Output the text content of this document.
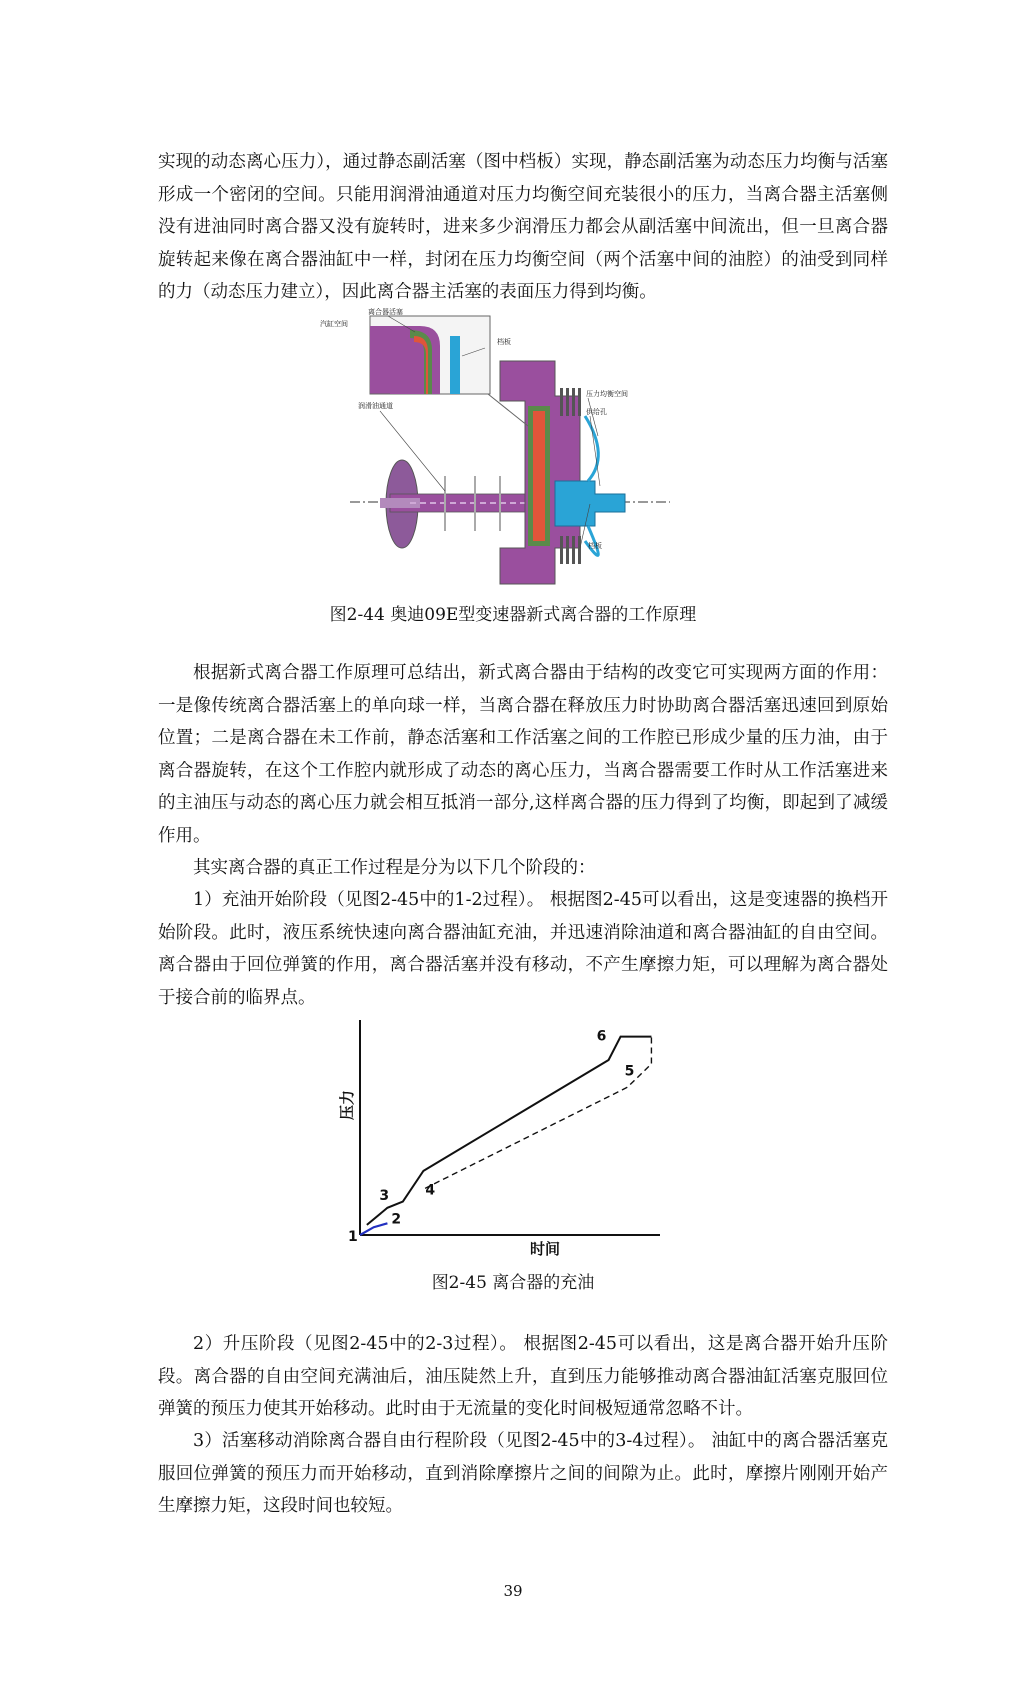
实现的动态离心压力），通过静态副活塞（图中档板）实现，静态副活塞为动态压力均衡与活塞形成一个密闭的空间。只能用润滑油通道对压力均衡空间充装很小的压力，当离合器主活塞侧没有进油同时离合器又没有旋转时，进来多少润滑压力都会从副活塞中间流出，但一旦离合器旋转起来像在离合器油缸中一样，封闭在压力均衡空间（两个活塞中间的油腔）的油受到同样的力（动态压力建立），因此离合器主活塞的表面压力得到均衡。

离合器活塞
汽缸空间
档板
压力均衡空间
供给孔
润滑油通道
档板
图2-44 奥迪09E型变速器新式离合器的工作原理

根据新式离合器工作原理可总结出，新式离合器由于结构的改变它可实现两方面的作用：一是像传统离合器活塞上的单向球一样，当离合器在释放压力时协助离合器活塞迅速回到原始位置；二是离合器在未工作前，静态活塞和工作活塞之间的工作腔已形成少量的压力油，由于离合器旋转，在这个工作腔内就形成了动态的离心压力，当离合器需要工作时从工作活塞进来的主油压与动态的离心压力就会相互抵消一部分,这样离合器的压力得到了均衡，即起到了减缓作用。

其实离合器的真正工作过程是分为以下几个阶段的：

1）充油开始阶段（见图2-45中的1-2过程）。 根据图2-45可以看出，这是变速器的换档开始阶段。此时，液压系统快速向离合器油缸充油，并迅速消除油道和离合器油缸的自由空间。离合器由于回位弹簧的作用，离合器活塞并没有移动，不产生摩擦力矩，可以理解为离合器处于接合前的临界点。

1
2
3	4
5
6
时间
压力
图2-45 离合器的充油

2）升压阶段（见图2-45中的2-3过程）。 根据图2-45可以看出，这是离合器开始升压阶段。离合器的自由空间充满油后，油压陡然上升，直到压力能够推动离合器油缸活塞克服回位弹簧的预压力使其开始移动。此时由于无流量的变化时间极短通常忽略不计。

3）活塞移动消除离合器自由行程阶段（见图2-45中的3-4过程）。 油缸中的离合器活塞克服回位弹簧的预压力而开始移动，直到消除摩擦片之间的间隙为止。此时，摩擦片刚刚开始产生摩擦力矩，这段时间也较短。

39
